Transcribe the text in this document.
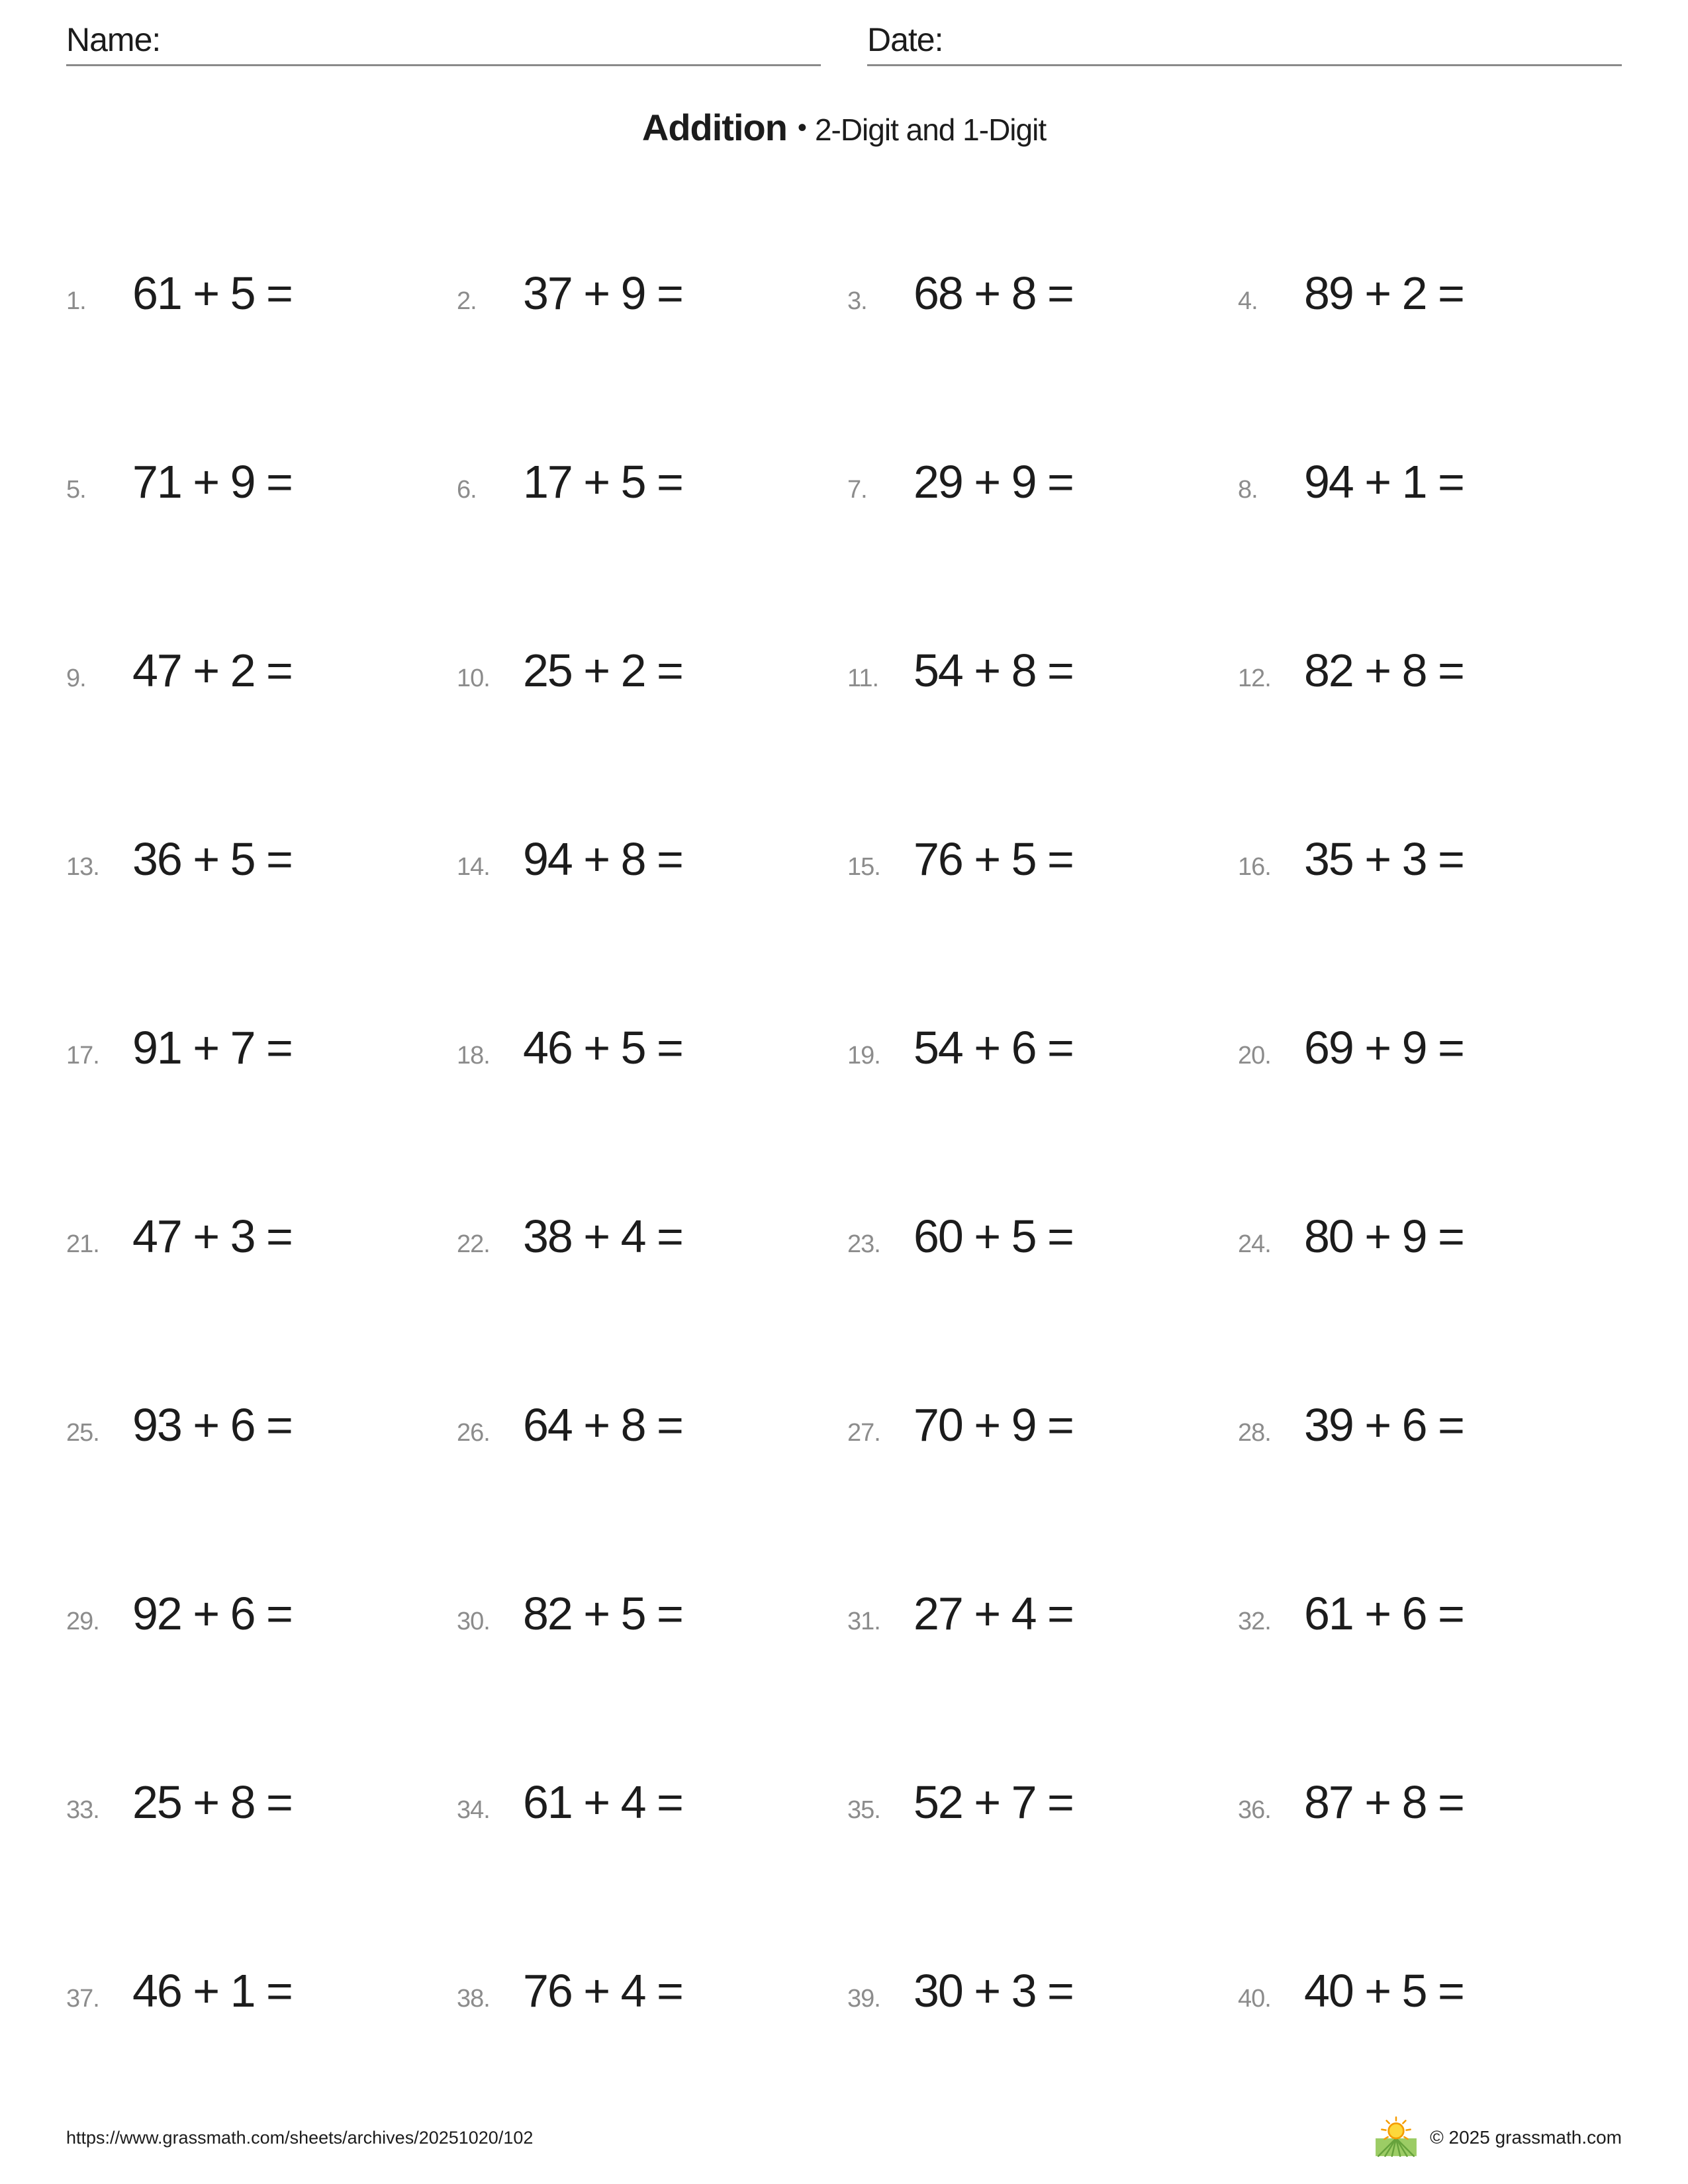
Name:	Date:
Addition • 2-Digit and 1-Digit
1.	61 + 5 =	2.	37 + 9 =	3.	68 + 8 =	4.	89 + 2 =
5.	71 + 9 =	6.	17 + 5 =	7.	29 + 9 =	8.	94 + 1 =
9.	47 + 2 =	10. 25 + 2 =	11. 54 + 8 =	12. 82 + 8 =
13. 36 + 5 =	14. 94 + 8 =	15. 76 + 5 =	16. 35 + 3 =
17. 91 + 7 =	18. 46 + 5 =	19. 54 + 6 =	20. 69 + 9 =
21. 47 + 3 =	22. 38 + 4 =	23. 60 + 5 =	24. 80 + 9 =
25. 93 + 6 =	26. 64 + 8 =	27. 70 + 9 =	28. 39 + 6 =
29. 92 + 6 =	30. 82 + 5 =	31. 27 + 4 =	32. 61 + 6 =
33. 25 + 8 =	34. 61 + 4 =	35. 52 + 7 =	36. 87 + 8 =
37. 46 + 1 =	38. 76 + 4 =	39. 30 + 3 =	40. 40 + 5 =
https://www.grassmath.com/sheets/archives/20251020/102	© 2025 grassmath.com
